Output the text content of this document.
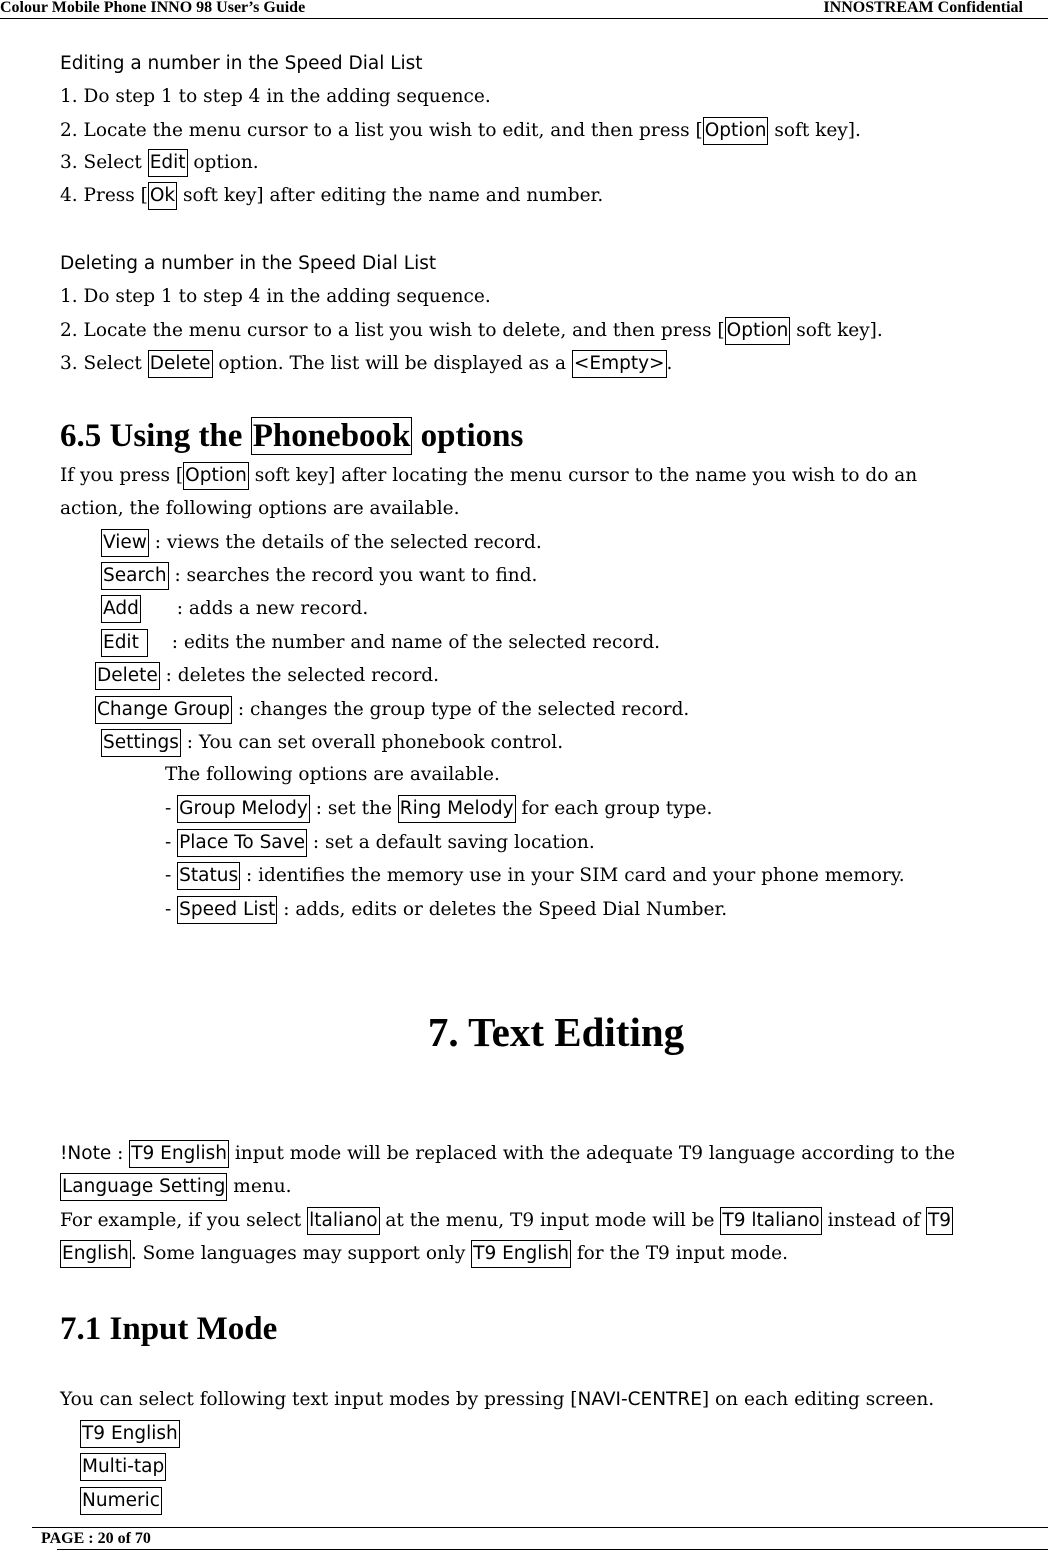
Colour Mobile Phone INNO 98 User’s Guide	INNOSTREAM Confidential
Editing a number in the Speed Dial List
1. Do step 1 to step 4 in the adding sequence.
2. Locate the menu cursor to a list you wish to edit, and then press [ Option soft key].
3. Select Edit option.
4. Press [ Ok soft key] after editing the name and number.
Deleting a number in the Speed Dial List
1. Do step 1 to step 4 in the adding sequence.
2. Locate the menu cursor to a list you wish to delete, and then press [ Option soft key].
3. Select Delete option. The list will be displayed as a <Empty> .
6.5 Using the Phonebook options
If you press [ Option soft key] after locating the menu cursor to the name you wish to do an
action, the following options are available.
View : views the details of the selected record.
Search : searches the record you want to find.
Add : adds a new record.
Edit : edits the number and name of the selected record.
Delete : deletes the selected record.
Change Group : changes the group type of the selected record.
Settings : You can set overall phonebook control.
The following options are available.
- Group Melody : set the Ring Melody for each group type.
- Place To Save : set a default saving location.
- Status : identifies the memory use in your SIM card and your phone memory.
- Speed List : adds, edits or deletes the Speed Dial Number.
7. Text Editing
!Note : T9 English input mode will be replaced with the adequate T9 language according to the
Language Setting menu.
For example, if you select ltaliano at the menu, T9 input mode will be T9 ltaliano instead of T9
English . Some languages may support only T9 English for the T9 input mode.
7.1 Input Mode
You can select following text input modes by pressing [NAVI-CENTRE] on each editing screen.
T9 English
Multi-tap
Numeric
PAGE : 20 of 70
